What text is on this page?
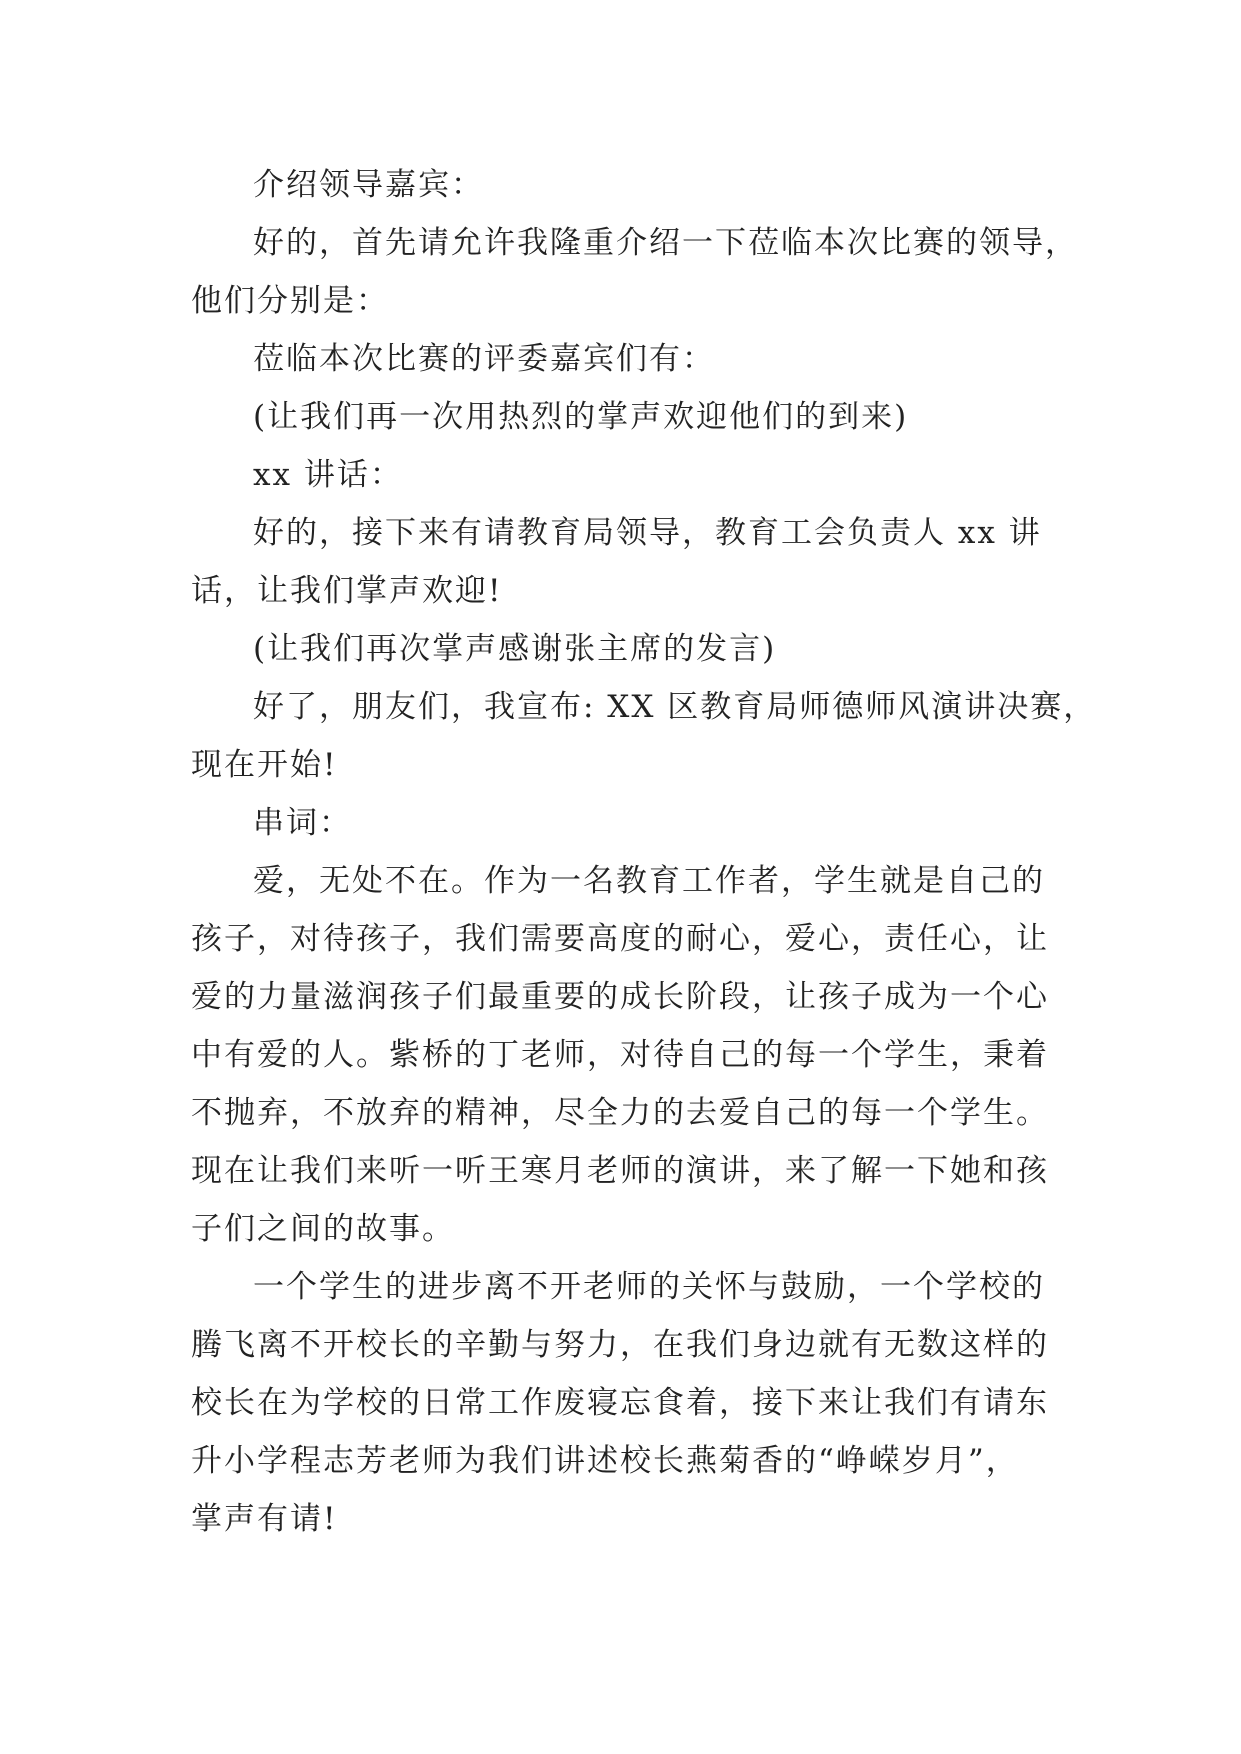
介绍领导嘉宾：

好的，首先请允许我隆重介绍一下莅临本次比赛的领导，
他们分别是：

莅临本次比赛的评委嘉宾们有：

(让我们再一次用热烈的掌声欢迎他们的到来)

xx 讲话：

好的，接下来有请教育局领导，教育工会负责人 xx 讲
话，让我们掌声欢迎!

(让我们再次掌声感谢张主席的发言)

好了，朋友们，我宣布: XX 区教育局师德师风演讲决赛，
现在开始!

串词：

爱，无处不在。作为一名教育工作者，学生就是自己的
孩子，对待孩子，我们需要高度的耐心，爱心，责任心，让
爱的力量滋润孩子们最重要的成长阶段，让孩子成为一个心
中有爱的人。紫桥的丁老师，对待自己的每一个学生，秉着
不抛弃，不放弃的精神，尽全力的去爱自己的每一个学生。
现在让我们来听一听王寒月老师的演讲，来了解一下她和孩
子们之间的故事。

一个学生的进步离不开老师的关怀与鼓励，一个学校的
腾飞离不开校长的辛勤与努力，在我们身边就有无数这样的
校长在为学校的日常工作废寝忘食着，接下来让我们有请东
升小学程志芳老师为我们讲述校长燕菊香的“峥嵘岁月”，
掌声有请!
